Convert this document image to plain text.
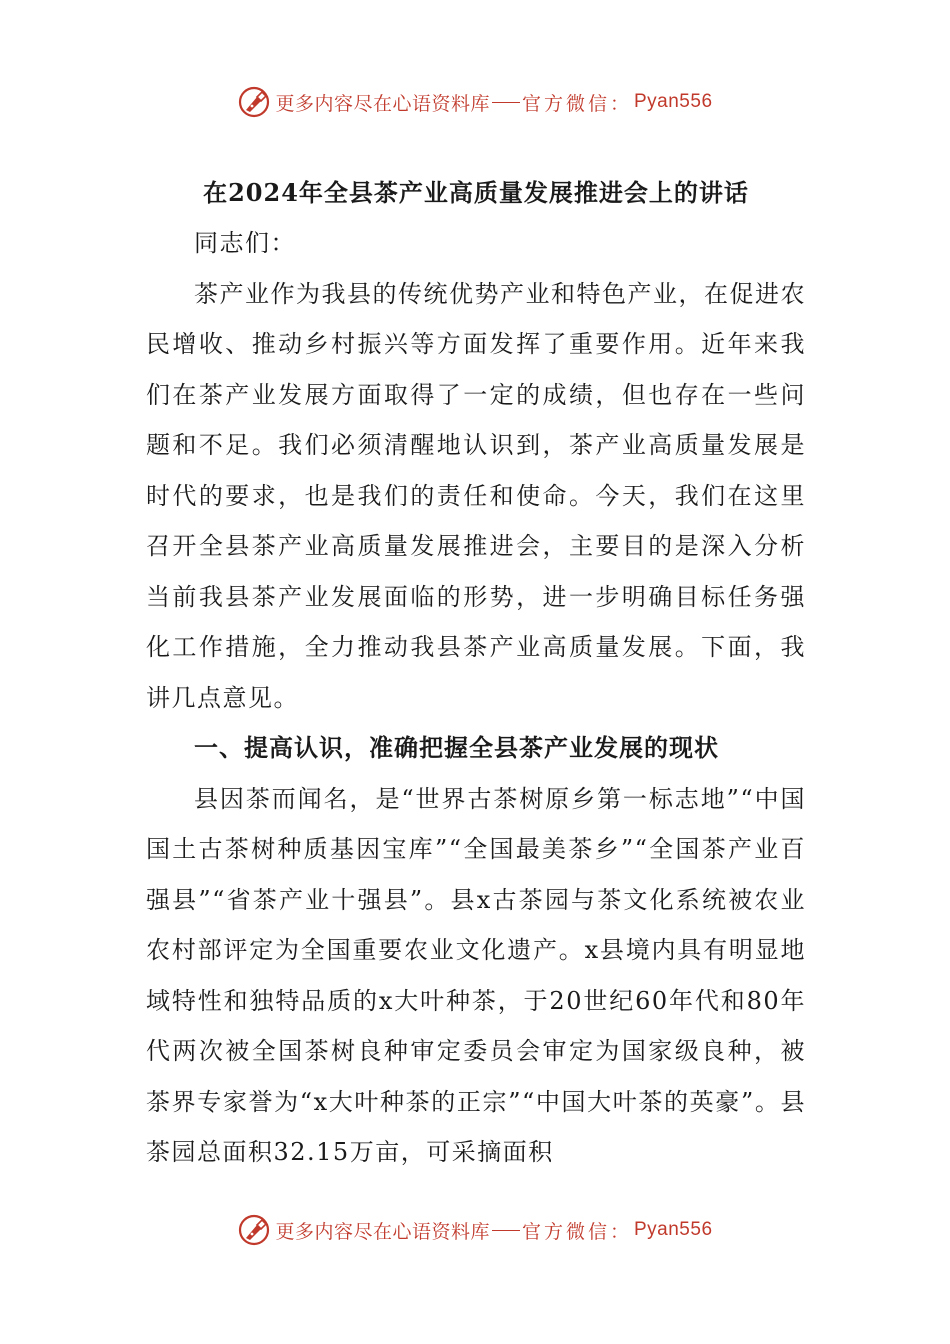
更多内容尽在心语资料库 官方微信： Pyan556
在2024年全县茶产业高质量发展推进会上的讲话

同志们：

茶产业作为我县的传统优势产业和特色产业，在促进农民增收、推动乡村振兴等方面发挥了重要作用。近年来我们在茶产业发展方面取得了一定的成绩，但也存在一些问题和不足。我们必须清醒地认识到，茶产业高质量发展是时代的要求，也是我们的责任和使命。今天，我们在这里召开全县茶产业高质量发展推进会，主要目的是深入分析当前我县茶产业发展面临的形势，进一步明确目标任务强化工作措施，全力推动我县茶产业高质量发展。下面，我讲几点意见。

一、提高认识，准确把握全县茶产业发展的现状

县因茶而闻名，是“世界古茶树原乡第一标志地”“中国国土古茶树种质基因宝库”“全国最美茶乡”“全国茶产业百强县”“省茶产业十强县”。县x古茶园与茶文化系统被农业农村部评定为全国重要农业文化遗产。x县境内具有明显地域特性和独特品质的x大叶种茶，于20世纪60年代和80年代两次被全国茶树良种审定委员会审定为国家级良种，被茶界专家誉为“x大叶种茶的正宗”“中国大叶茶的英豪”。县茶园总面积32.15万亩，可采摘面积

更多内容尽在心语资料库 官方微信： Pyan556
